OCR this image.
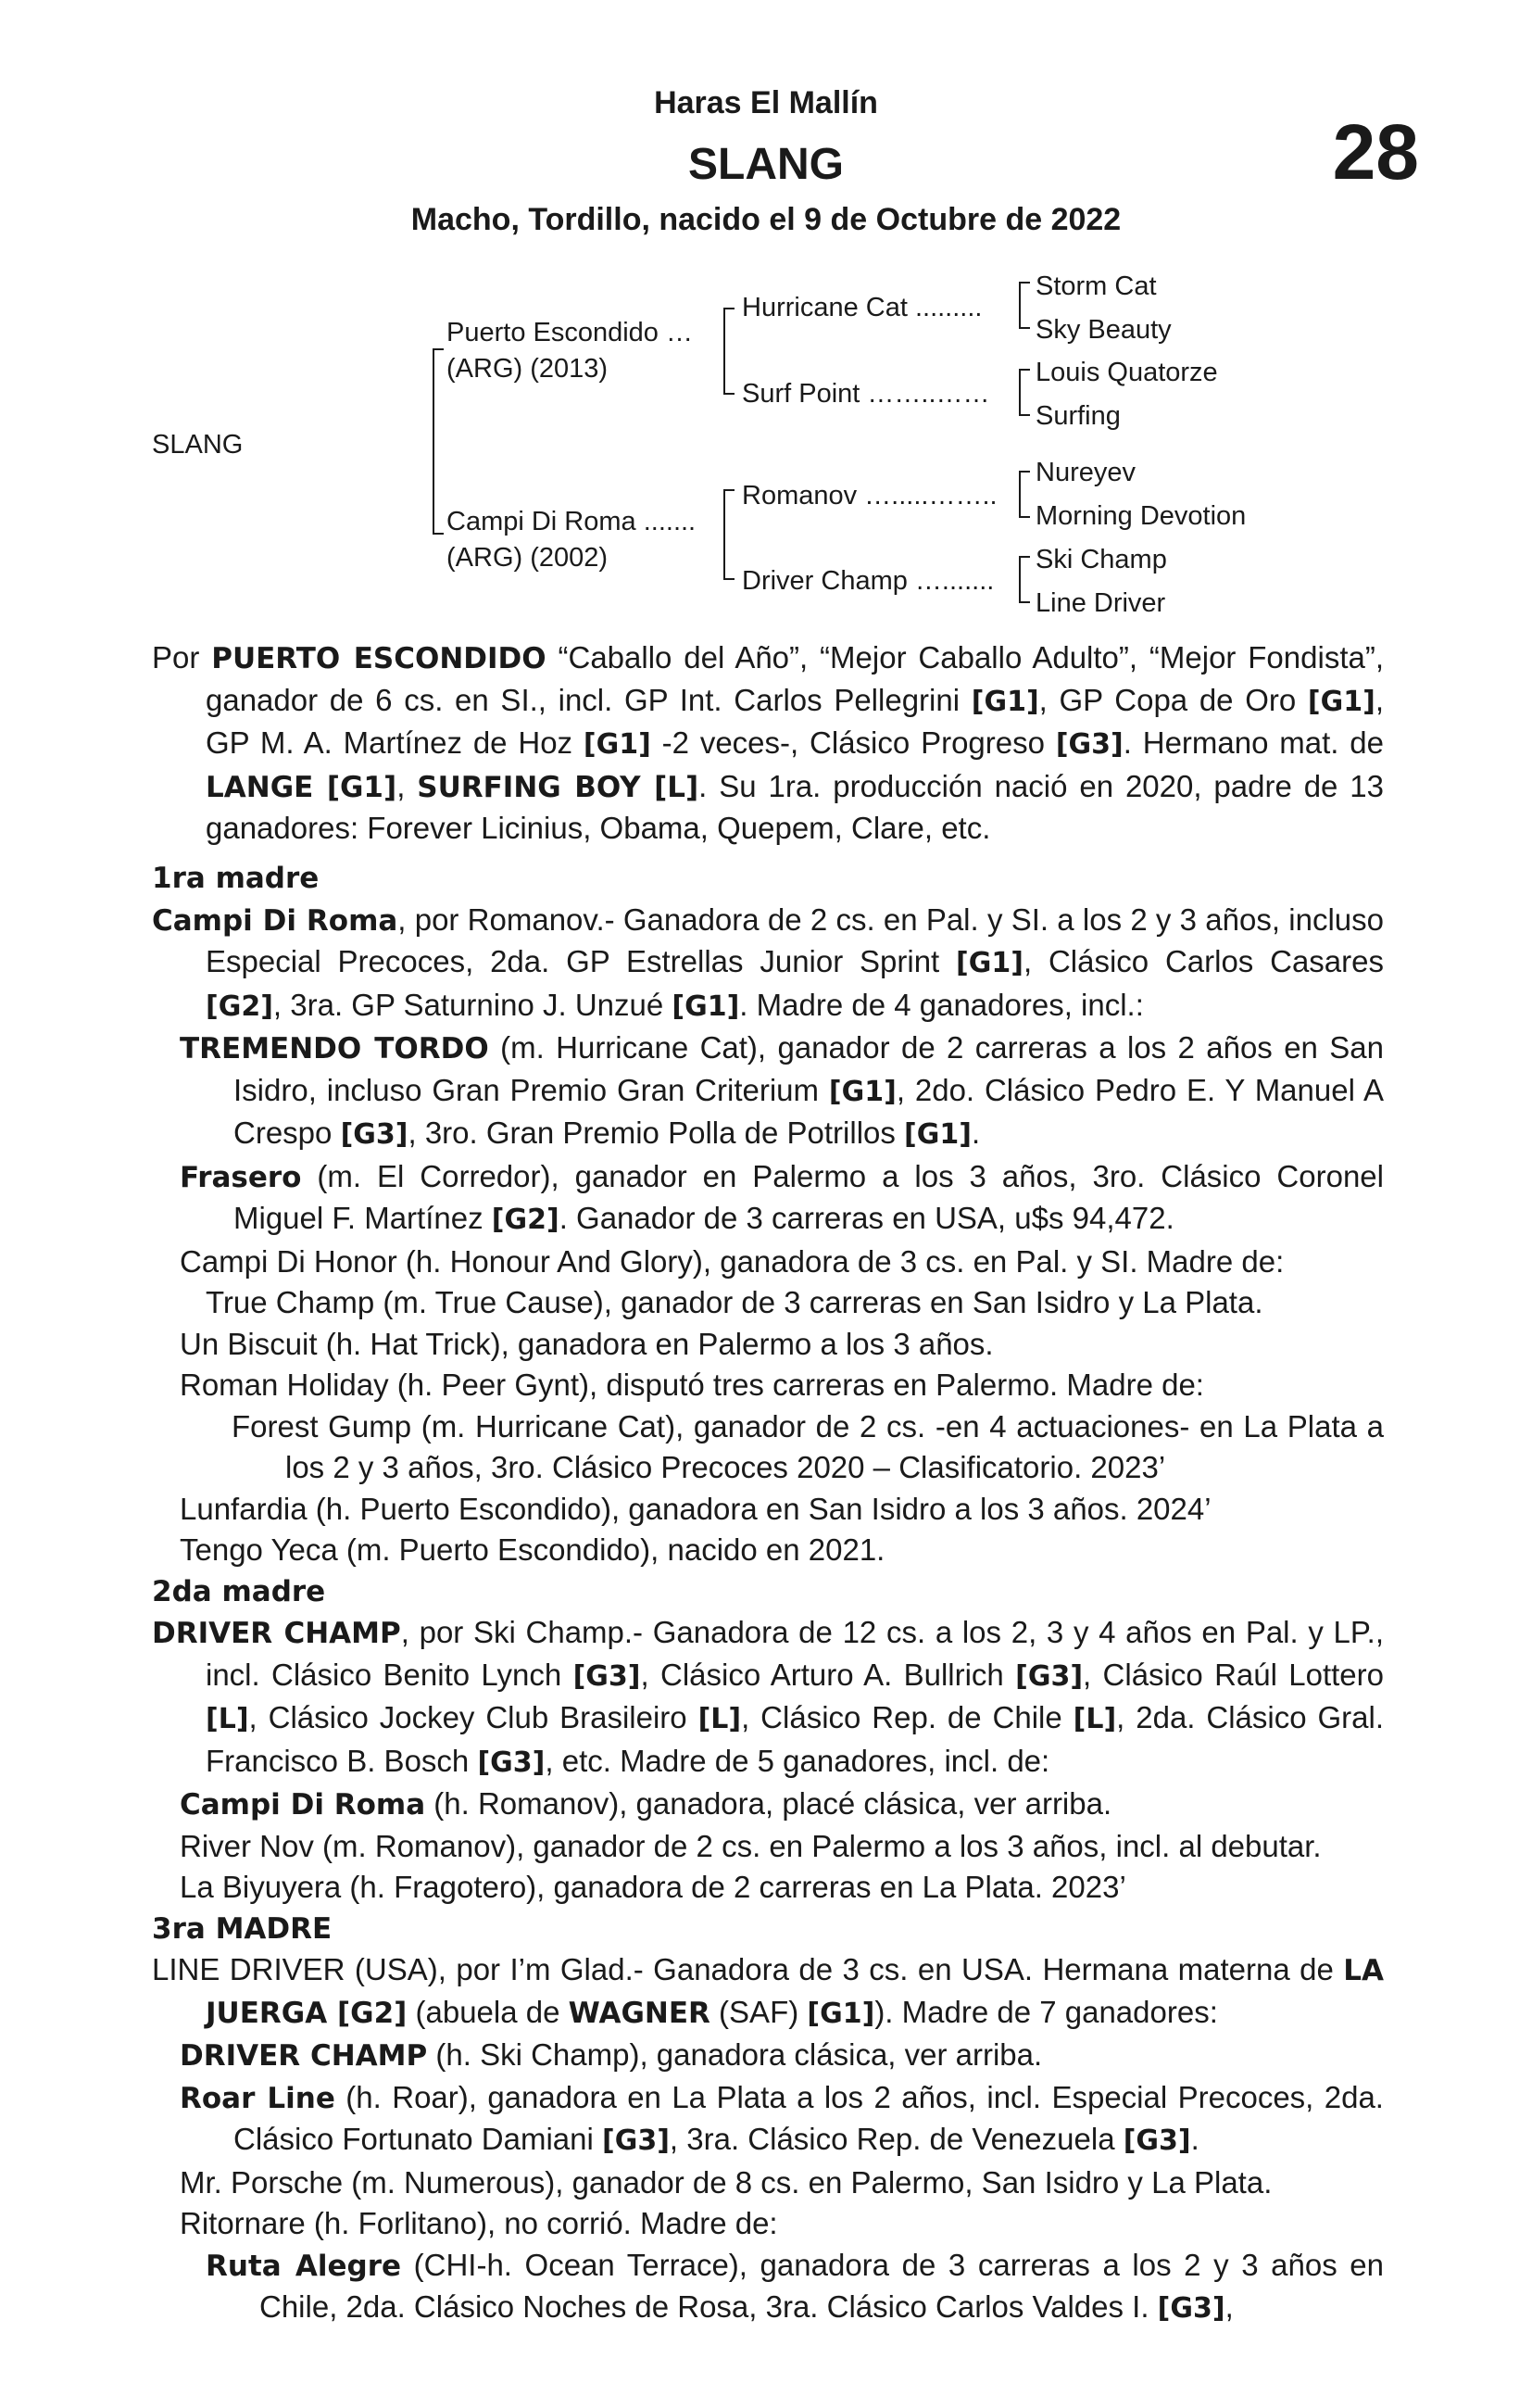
Haras El Mallín
SLANG
Macho, Tordillo, nacido el 9 de Octubre de 2022
28
SLANG
Puerto Escondido …
(ARG) (2013)
Campi Di Roma .......
(ARG) (2002)
Hurricane Cat .........
Surf Point ……..……
Romanov ….....……..
Driver Champ ….......
Storm Cat
Sky Beauty
Louis Quatorze
Surfing
Nureyev
Morning Devotion
Ski Champ
Line Driver

Por PUERTO ESCONDIDO “Caballo del Año”, “Mejor Caballo Adulto”, “Mejor Fondista”, ganador de 6 cs. en SI., incl. GP Int. Carlos Pellegrini [G1], GP Copa de Oro [G1], GP M. A. Martínez de Hoz [G1] -2 veces-, Clásico Progreso [G3]. Hermano mat. de LANGE [G1], SURFING BOY [L]. Su 1ra. producción nació en 2020, padre de 13 ganadores: Forever Licinius, Obama, Quepem, Clare, etc.

1ra madre

Campi Di Roma, por Romanov.- Ganadora de 2 cs. en Pal. y SI. a los 2 y 3 años, incluso Especial Precoces, 2da. GP Estrellas Junior Sprint [G1], Clásico Carlos Casares [G2], 3ra. GP Saturnino J. Unzué [G1]. Madre de 4 ganadores, incl.:

TREMENDO TORDO (m. Hurricane Cat), ganador de 2 carreras a los 2 años en San Isidro, incluso Gran Premio Gran Criterium [G1], 2do. Clásico Pedro E. Y Manuel A Crespo [G3], 3ro. Gran Premio Polla de Potrillos [G1].

Frasero (m. El Corredor), ganador en Palermo a los 3 años, 3ro. Clásico Coronel Miguel F. Martínez [G2]. Ganador de 3 carreras en USA, u$s 94,472.

Campi Di Honor (h. Honour And Glory), ganadora de 3 cs. en Pal. y SI. Madre de:

True Champ (m. True Cause), ganador de 3 carreras en San Isidro y La Plata.

Un Biscuit (h. Hat Trick), ganadora en Palermo a los 3 años.

Roman Holiday (h. Peer Gynt), disputó tres carreras en Palermo. Madre de:

Forest Gump (m. Hurricane Cat), ganador de 2 cs. -en 4 actuaciones- en La Plata a los 2 y 3 años, 3ro. Clásico Precoces 2020 – Clasificatorio. 2023’

Lunfardia (h. Puerto Escondido), ganadora en San Isidro a los 3 años. 2024’

Tengo Yeca (m. Puerto Escondido), nacido en 2021.

2da madre

DRIVER CHAMP, por Ski Champ.- Ganadora de 12 cs. a los 2, 3 y 4 años en Pal. y LP., incl. Clásico Benito Lynch [G3], Clásico Arturo A. Bullrich [G3], Clásico Raúl Lottero [L], Clásico Jockey Club Brasileiro [L], Clásico Rep. de Chile [L], 2da. Clásico Gral. Francisco B. Bosch [G3], etc. Madre de 5 ganadores, incl. de:

Campi Di Roma (h. Romanov), ganadora, placé clásica, ver arriba.

River Nov (m. Romanov), ganador de 2 cs. en Palermo a los 3 años, incl. al debutar.

La Biyuyera (h. Fragotero), ganadora de 2 carreras en La Plata. 2023’

3ra MADRE

LINE DRIVER (USA), por I’m Glad.- Ganadora de 3 cs. en USA. Hermana materna de LA JUERGA [G2] (abuela de WAGNER (SAF) [G1]). Madre de 7 ganadores:

DRIVER CHAMP (h. Ski Champ), ganadora clásica, ver arriba.

Roar Line (h. Roar), ganadora en La Plata a los 2 años, incl. Especial Precoces, 2da. Clásico Fortunato Damiani [G3], 3ra. Clásico Rep. de Venezuela [G3].

Mr. Porsche (m. Numerous), ganador de 8 cs. en Palermo, San Isidro y La Plata.

Ritornare (h. Forlitano), no corrió. Madre de:

Ruta Alegre (CHI-h. Ocean Terrace), ganadora de 3 carreras a los 2 y 3 años en Chile, 2da. Clásico Noches de Rosa, 3ra. Clásico Carlos Valdes I. [G3],
